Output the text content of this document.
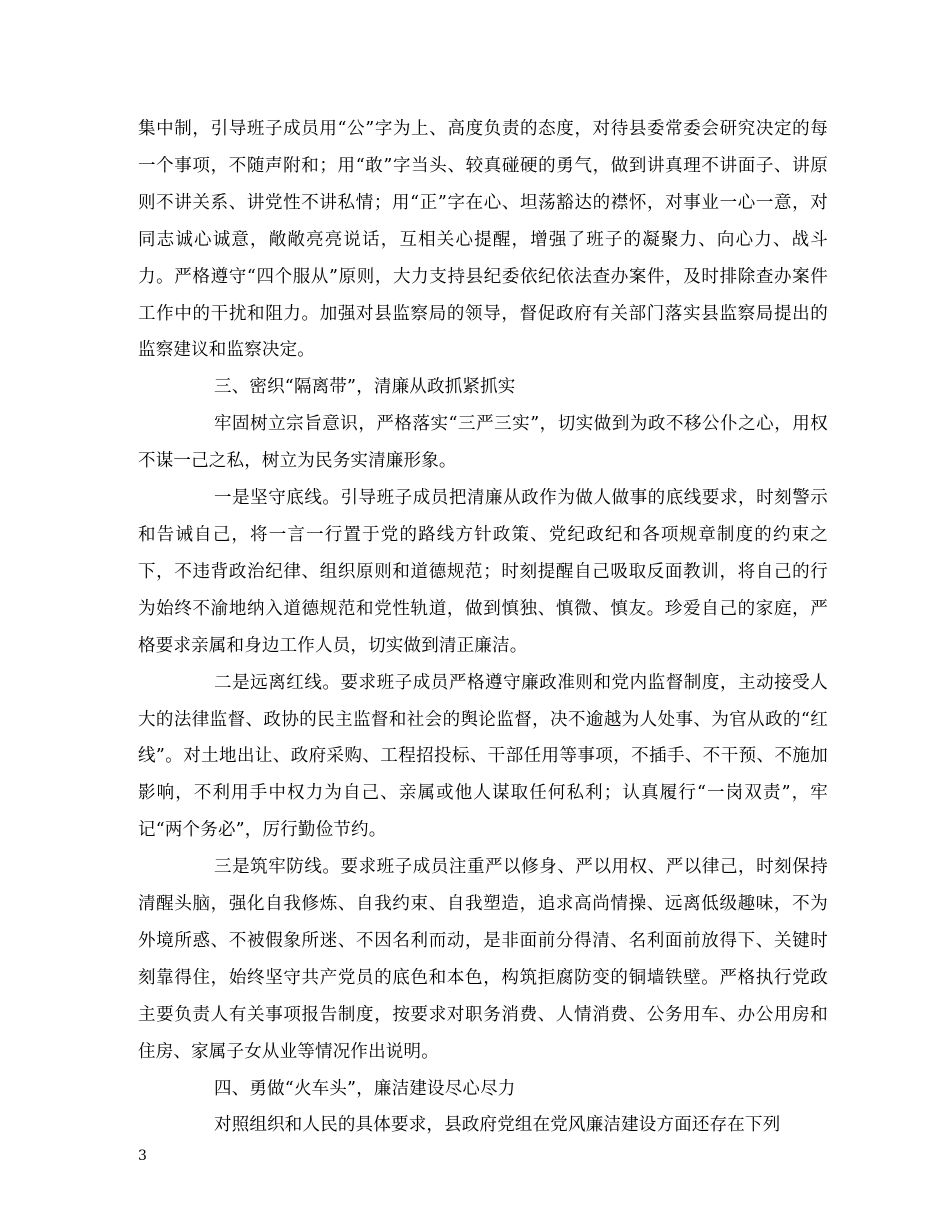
集中制，引导班子成员用“公”字为上、高度负责的态度，对待县委常委会研究决定的每一个事项，不随声附和；用“敢”字当头、较真碰硬的勇气，做到讲真理不讲面子、讲原则不讲关系、讲党性不讲私情；用“正”字在心、坦荡豁达的襟怀，对事业一心一意，对同志诚心诚意，敞敞亮亮说话，互相关心提醒，增强了班子的凝聚力、向心力、战斗力。严格遵守“四个服从”原则，大力支持县纪委依纪依法查办案件，及时排除查办案件工作中的干扰和阻力。加强对县监察局的领导，督促政府有关部门落实县监察局提出的监察建议和监察决定。

三、密织“隔离带”，清廉从政抓紧抓实

牢固树立宗旨意识，严格落实“三严三实”，切实做到为政不移公仆之心，用权不谋一己之私，树立为民务实清廉形象。

一是坚守底线。引导班子成员把清廉从政作为做人做事的底线要求，时刻警示和告诫自己，将一言一行置于党的路线方针政策、党纪政纪和各项规章制度的约束之下，不违背政治纪律、组织原则和道德规范；时刻提醒自己吸取反面教训，将自己的行为始终不渝地纳入道德规范和党性轨道，做到慎独、慎微、慎友。珍爱自己的家庭，严格要求亲属和身边工作人员，切实做到清正廉洁。

二是远离红线。要求班子成员严格遵守廉政准则和党内监督制度，主动接受人大的法律监督、政协的民主监督和社会的舆论监督，决不逾越为人处事、为官从政的“红线”。对土地出让、政府采购、工程招投标、干部任用等事项，不插手、不干预、不施加影响，不利用手中权力为自己、亲属或他人谋取任何私利；认真履行“一岗双责”，牢记“两个务必”，厉行勤俭节约。

三是筑牢防线。要求班子成员注重严以修身、严以用权、严以律己，时刻保持清醒头脑，强化自我修炼、自我约束、自我塑造，追求高尚情操、远离低级趣味，不为外境所惑、不被假象所迷、不因名利而动，是非面前分得清、名利面前放得下、关键时刻靠得住，始终坚守共产党员的底色和本色，构筑拒腐防变的铜墙铁壁。严格执行党政主要负责人有关事项报告制度，按要求对职务消费、人情消费、公务用车、办公用房和住房、家属子女从业等情况作出说明。

四、勇做“火车头”，廉洁建设尽心尽力

对照组织和人民的具体要求，县政府党组在党风廉洁建设方面还存在下列

3
